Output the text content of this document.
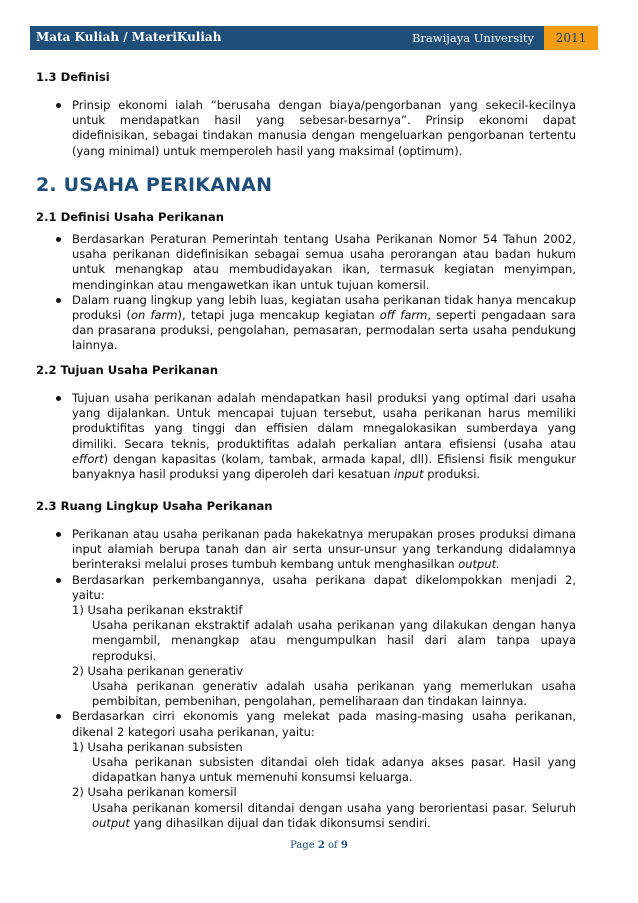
Mata Kuliah / MateriKuliah	Brawijaya University	2011
1.3 Definisi
Prinsip ekonomi ialah “berusaha dengan biaya/pengorbanan yang sekecil-kecilnya untuk mendapatkan hasil yang sebesar-besarnya”. Prinsip ekonomi dapat didefinisikan, sebagai tindakan manusia dengan mengeluarkan pengorbanan tertentu (yang minimal) untuk memperoleh hasil yang maksimal (optimum).
2. USAHA PERIKANAN
2.1 Definisi Usaha Perikanan
Berdasarkan Peraturan Pemerintah tentang Usaha Perikanan Nomor 54 Tahun 2002, usaha perikanan didefinisikan sebagai semua usaha perorangan atau badan hukum untuk menangkap atau membudidayakan ikan, termasuk kegiatan menyimpan, mendinginkan atau mengawetkan ikan untuk tujuan komersil.
Dalam ruang lingkup yang lebih luas, kegiatan usaha perikanan tidak hanya mencakup produksi (on farm), tetapi juga mencakup kegiatan off farm, seperti pengadaan sara dan prasarana produksi, pengolahan, pemasaran, permodalan serta usaha pendukung lainnya.
2.2 Tujuan Usaha Perikanan
Tujuan usaha perikanan adalah mendapatkan hasil produksi yang optimal dari usaha yang dijalankan. Untuk mencapai tujuan tersebut, usaha perikanan harus memiliki produktifitas yang tinggi dan effisien dalam mnegalokasikan sumberdaya yang dimiliki. Secara teknis, produktifitas adalah perkalian antara efisiensi (usaha atau effort) dengan kapasitas (kolam, tambak, armada kapal, dll). Efisiensi fisik mengukur banyaknya hasil produksi yang diperoleh dari kesatuan input produksi.
2.3 Ruang Lingkup Usaha Perikanan
Perikanan atau usaha perikanan pada hakekatnya merupakan proses produksi dimana input alamiah berupa tanah dan air serta unsur-unsur yang terkandung didalamnya berinteraksi melalui proses tumbuh kembang untuk menghasilkan output.

Berdasarkan perkembangannya, usaha perikana dapat dikelompokkan menjadi 2, yaitu:

1) Usaha perikanan ekstraktif
Usaha perikanan ekstraktif adalah usaha perikanan yang dilakukan dengan hanya mengambil, menangkap atau mengumpulkan hasil dari alam tanpa upaya reproduksi.
2) Usaha perikanan generativ
Usaha perikanan generativ adalah usaha perikanan yang memerlukan usaha pembibitan, pembenihan, pengolahan, pemeliharaan dan tindakan lainnya.

Berdasarkan cirri ekonomis yang melekat pada masing-masing usaha perikanan, dikenal 2 kategori usaha perikanan, yaitu:

1) Usaha perikanan subsisten
Usaha perikanan subsisten ditandai oleh tidak adanya akses pasar. Hasil yang didapatkan hanya untuk memenuhi konsumsi keluarga.
2) Usaha perikanan komersil
Usaha perikanan komersil ditandai dengan usaha yang berorientasi pasar. Seluruh output yang dihasilkan dijual dan tidak dikonsumsi sendiri.
Page 2 of 9
